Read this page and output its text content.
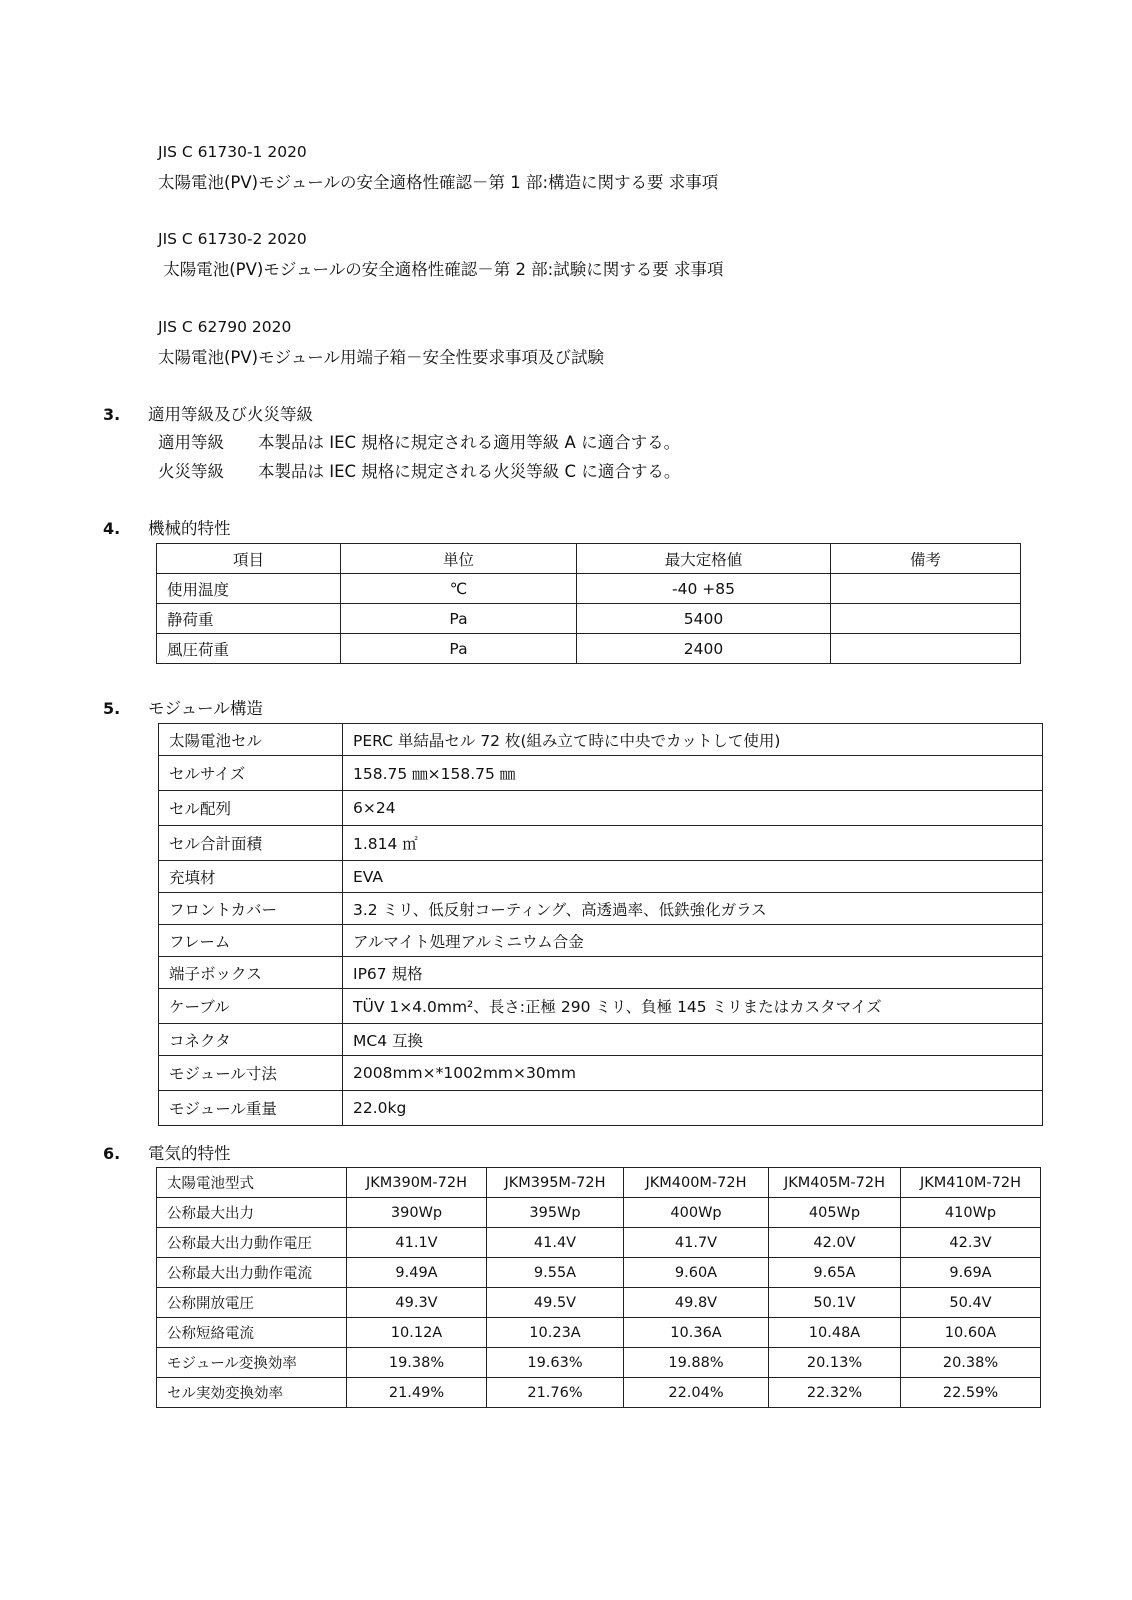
JIS C 61730-1 2020
太陽電池(PV)モジュールの安全適格性確認－第 1 部:構造に関する要 求事項
JIS C 61730-2 2020
太陽電池(PV)モジュールの安全適格性確認－第 2 部:試験に関する要 求事項
JIS C 62790 2020
太陽電池(PV)モジュール用端子箱－安全性要求事項及び試験
3. 適用等級及び火災等級
適用等級 本製品は IEC 規格に規定される適用等級 A に適合する。
火災等級 本製品は IEC 規格に規定される火災等級 C に適合する。
4. 機械的特性
項目	単位	最大定格値	備考
使用温度	℃	-40 +85	
静荷重	Pa	5400	
風圧荷重	Pa	2400	
5. モジュール構造
太陽電池セル	PERC 単結晶セル 72 枚(組み立て時に中央でカットして使用)
セルサイズ	158.75 ㎜×158.75 ㎜
セル配列	6×24
セル合計面積	1.814 ㎡
充填材	EVA
フロントカバー	3.2 ミリ、低反射コーティング、高透過率、低鉄強化ガラス
フレーム	アルマイト処理アルミニウム合金
端子ボックス	IP67 規格
ケーブル	TÜV 1×4.0mm²、長さ:正極 290 ミリ、負極 145 ミリまたはカスタマイズ
コネクタ	MC4 互換
モジュール寸法	2008mm×*1002mm×30mm
モジュール重量	22.0kg
6. 電気的特性
太陽電池型式	JKM390M-72H	JKM395M-72H	JKM400M-72H	JKM405M-72H	JKM410M-72H
公称最大出力	390Wp	395Wp	400Wp	405Wp	410Wp
公称最大出力動作電圧	41.1V	41.4V	41.7V	42.0V	42.3V
公称最大出力動作電流	9.49A	9.55A	9.60A	9.65A	9.69A
公称開放電圧	49.3V	49.5V	49.8V	50.1V	50.4V
公称短絡電流	10.12A	10.23A	10.36A	10.48A	10.60A
モジュール変換効率	19.38%	19.63%	19.88%	20.13%	20.38%
セル実効変換効率	21.49%	21.76%	22.04%	22.32%	22.59%
